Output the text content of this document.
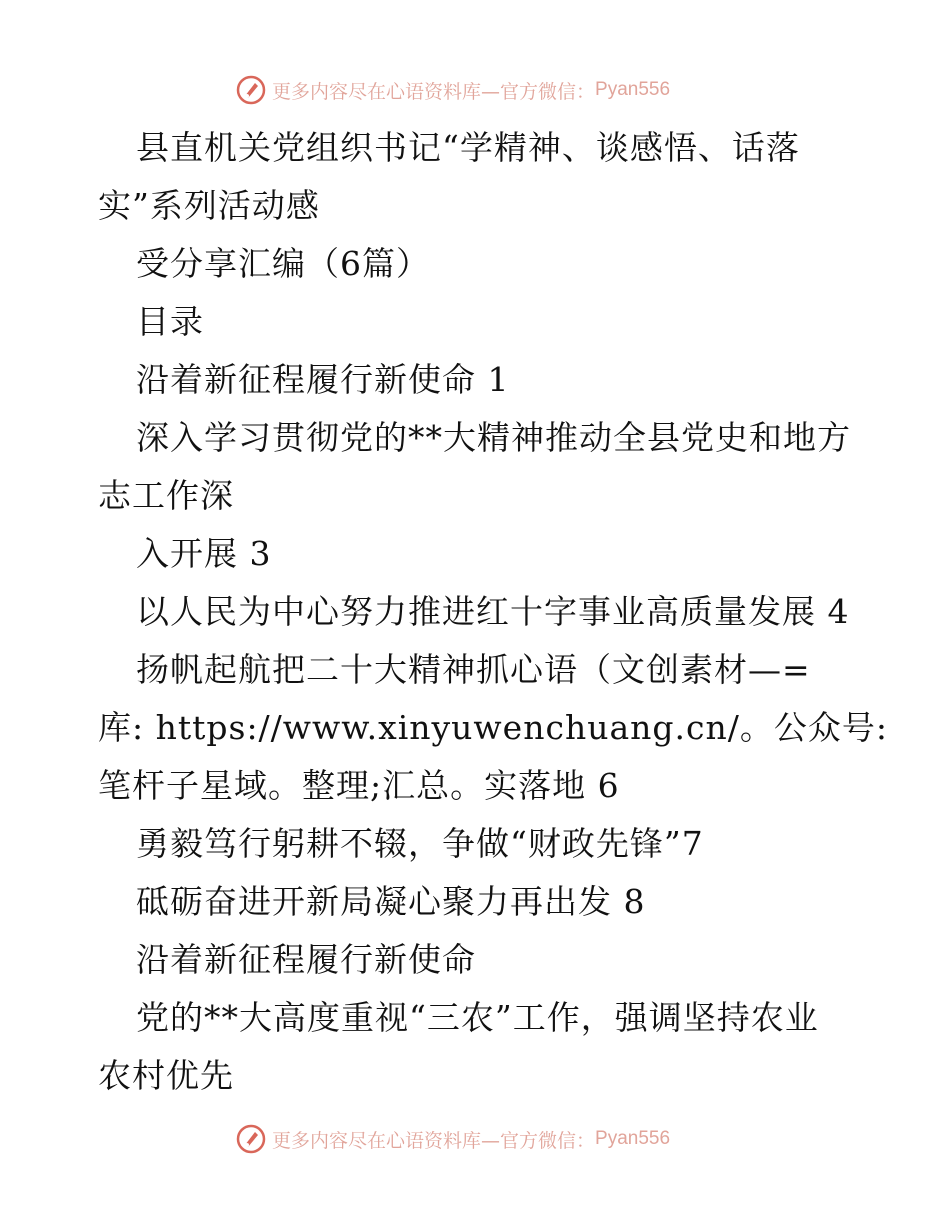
更多内容尽在心语资料库—官方微信： Pyan556
县直机关党组织书记“学精神、谈感悟、话落
实”系列活动感
受分享汇编（6篇）
目录
沿着新征程履行新使命 1
深入学习贯彻党的**大精神推动全县党史和地方
志工作深
入开展 3
以人民为中心努力推进红十字事业高质量发展 4
扬帆起航把二十大精神抓心语（文创素材—=
库: https://www.xinyuwenchuang.cn/。公众号:
笔杆子星域。整理;汇总。实落地 6
勇毅笃行躬耕不辍，争做“财政先锋”7
砥砺奋进开新局凝心聚力再出发 8
沿着新征程履行新使命
党的**大高度重视“三农”工作，强调坚持农业
农村优先
更多内容尽在心语资料库—官方微信： Pyan556
